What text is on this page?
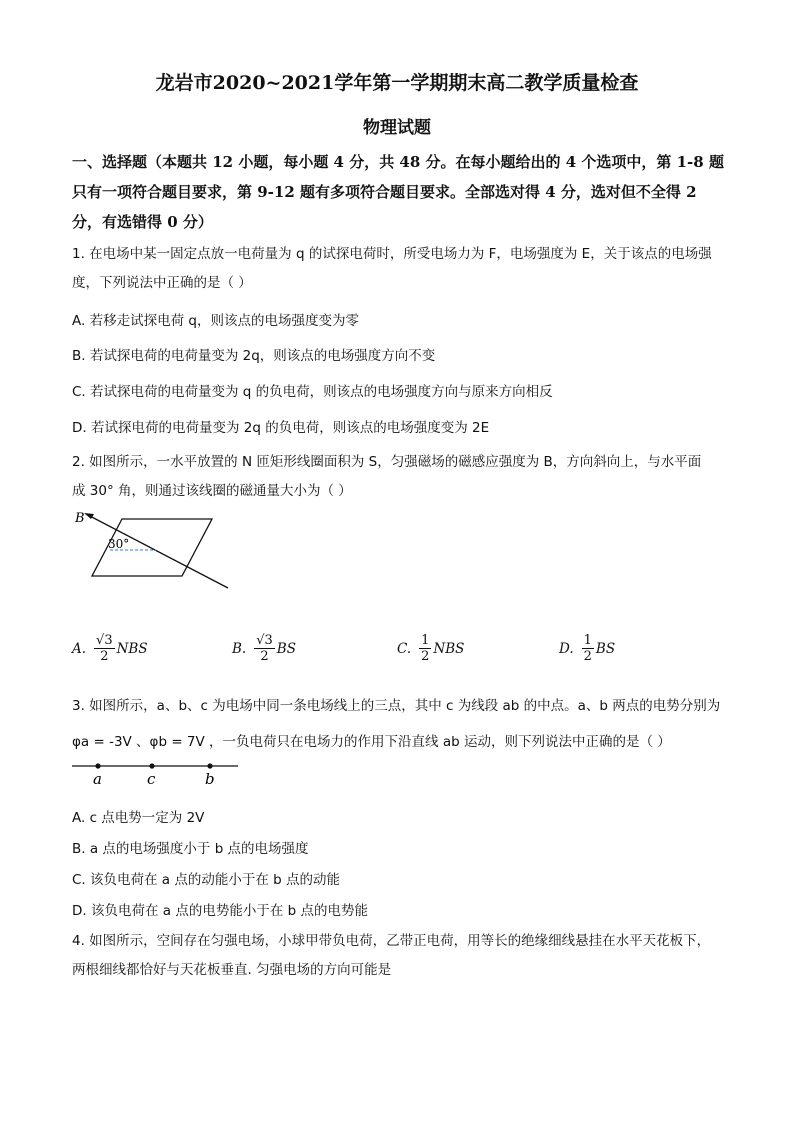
龙岩市2020~2021学年第一学期期末高二教学质量检查
物理试题
一、选择题（本题共 12 小题，每小题 4 分，共 48 分。在每小题给出的 4 个选项中，第 1-8 题
只有一项符合题目要求，第 9-12 题有多项符合题目要求。全部选对得 4 分，选对但不全得 2
分，有选错得 0 分）
1. 在电场中某一固定点放一电荷量为 q 的试探电荷时，所受电场力为 F，电场强度为 E，关于该点的电场强
度，下列说法中正确的是（ ）
A. 若移走试探电荷 q，则该点的电场强度变为零
B. 若试探电荷的电荷量变为 2q，则该点的电场强度方向不变
C. 若试探电荷的电荷量变为 q 的负电荷，则该点的电场强度方向与原来方向相反
D. 若试探电荷的电荷量变为 2q 的负电荷，则该点的电场强度变为 2E
2. 如图所示，一水平放置的 N 匝矩形线圈面积为 S，匀强磁场的磁感应强度为 B，方向斜向上，与水平面
成 30° 角，则通过该线圈的磁通量大小为（ ）
B
30°
A. $\frac{√3}{2}$ NBS	B. $\frac{√3}{2}$ BS	C. $\frac{1}{2}$ NBS	D. $\frac{1}{2}$ BS
3. 如图所示，a、b、c 为电场中同一条电场线上的三点，其中 c 为线段 ab 的中点。a、b 两点的电势分别为
φa = -3V 、φb = 7V ，一负电荷只在电场力的作用下沿直线 ab 运动，则下列说法中正确的是（ ）
a	c	b
A. c 点电势一定为 2V
B. a 点的电场强度小于 b 点的电场强度
C. 该负电荷在 a 点的动能小于在 b 点的动能
D. 该负电荷在 a 点的电势能小于在 b 点的电势能
4. 如图所示，空间存在匀强电场，小球甲带负电荷，乙带正电荷，用等长的绝缘细线悬挂在水平天花板下，
两根细线都恰好与天花板垂直. 匀强电场的方向可能是
